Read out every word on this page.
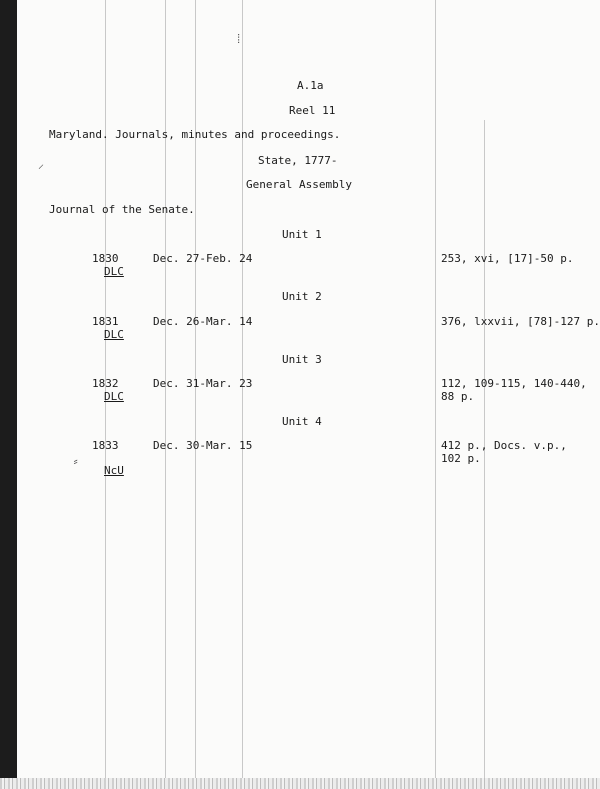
⁞
⸝
⸗
A.1a
Reel 11
Maryland. Journals, minutes and proceedings.
State, 1777-
General Assembly
Journal of the Senate.
Unit 1
1830	Dec. 27-Feb. 24	253, xvi, [17]-50 p.
DLC
Unit 2
1831	Dec. 26-Mar. 14	376, lxxvii, [78]-127 p.
DLC
Unit 3
1832	Dec. 31-Mar. 23	112, 109-115, 140-440,
88 p.
DLC
Unit 4
1833	Dec. 30-Mar. 15	412 p., Docs. v.p.,
102 p.
NcU
